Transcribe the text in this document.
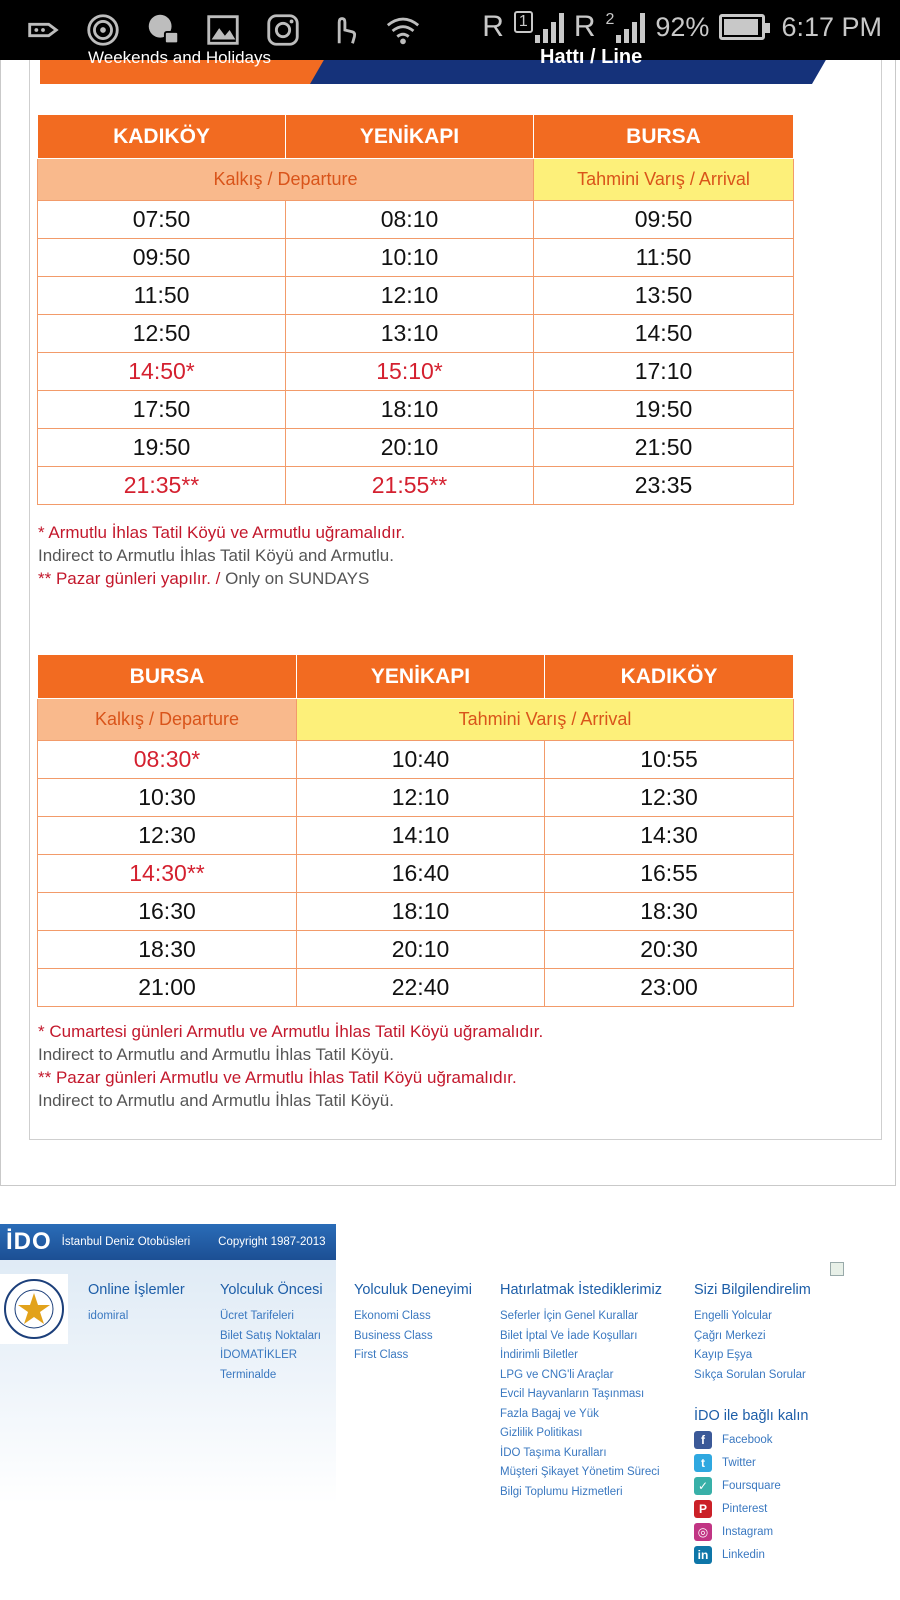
R 1 R 2 92%	6:17 PM
Weekends and Holidays	Hattı / Line
KADIKÖY	YENİKAPI	BURSA
Kalkış / Departure		Tahmini Varış / Arrival
07:50	08:10	09:50
09:50	10:10	11:50
11:50	12:10	13:50
12:50	13:10	14:50
14:50*	15:10*	17:10
17:50	18:10	19:50
19:50	20:10	21:50
21:35**	21:55**	23:35
* Armutlu İhlas Tatil Köyü ve Armutlu uğramalıdır.
Indirect to Armutlu İhlas Tatil Köyü and Armutlu.
** Pazar günleri yapılır. / Only on SUNDAYS
BURSA	YENİKAPI	KADIKÖY
Kalkış / Departure	Tahmini Varış / Arrival	
08:30*	10:40	10:55
10:30	12:10	12:30
12:30	14:10	14:30
14:30**	16:40	16:55
16:30	18:10	18:30
18:30	20:10	20:30
21:00	22:40	23:00
* Cumartesi günleri Armutlu ve Armutlu İhlas Tatil Köyü uğramalıdır.
Indirect to Armutlu and Armutlu İhlas Tatil Köyü.
** Pazar günleri Armutlu ve Armutlu İhlas Tatil Köyü uğramalıdır.
Indirect to Armutlu and Armutlu İhlas Tatil Köyü.
İDO İstanbul Deniz Otobüsleri Copyright 1987-2013
Online İşlemler
idomiral
Yolculuk Öncesi
Ücret Tarifeleri
Bilet Satış Noktaları
İDOMATİKLER
Terminalde
Yolculuk Deneyimi
Ekonomi Class
Business Class
First Class
Hatırlatmak İstediklerimiz
Seferler İçin Genel Kurallar
Bilet İptal Ve İade Koşulları
İndirimli Biletler
LPG ve CNG'li Araçlar
Evcil Hayvanların Taşınması
Fazla Bagaj ve Yük
Gizlilik Politikası
İDO Taşıma Kuralları
Müşteri Şikayet Yönetim Süreci
Bilgi Toplumu Hizmetleri
Sizi Bilgilendirelim
Engelli Yolcular
Çağrı Merkezi
Kayıp Eşya
Sıkça Sorulan Sorular
İDO ile bağlı kalın
f	Facebook
t	Twitter
✓	Foursquare
P	Pinterest
◎	Instagram
in	Linkedin
